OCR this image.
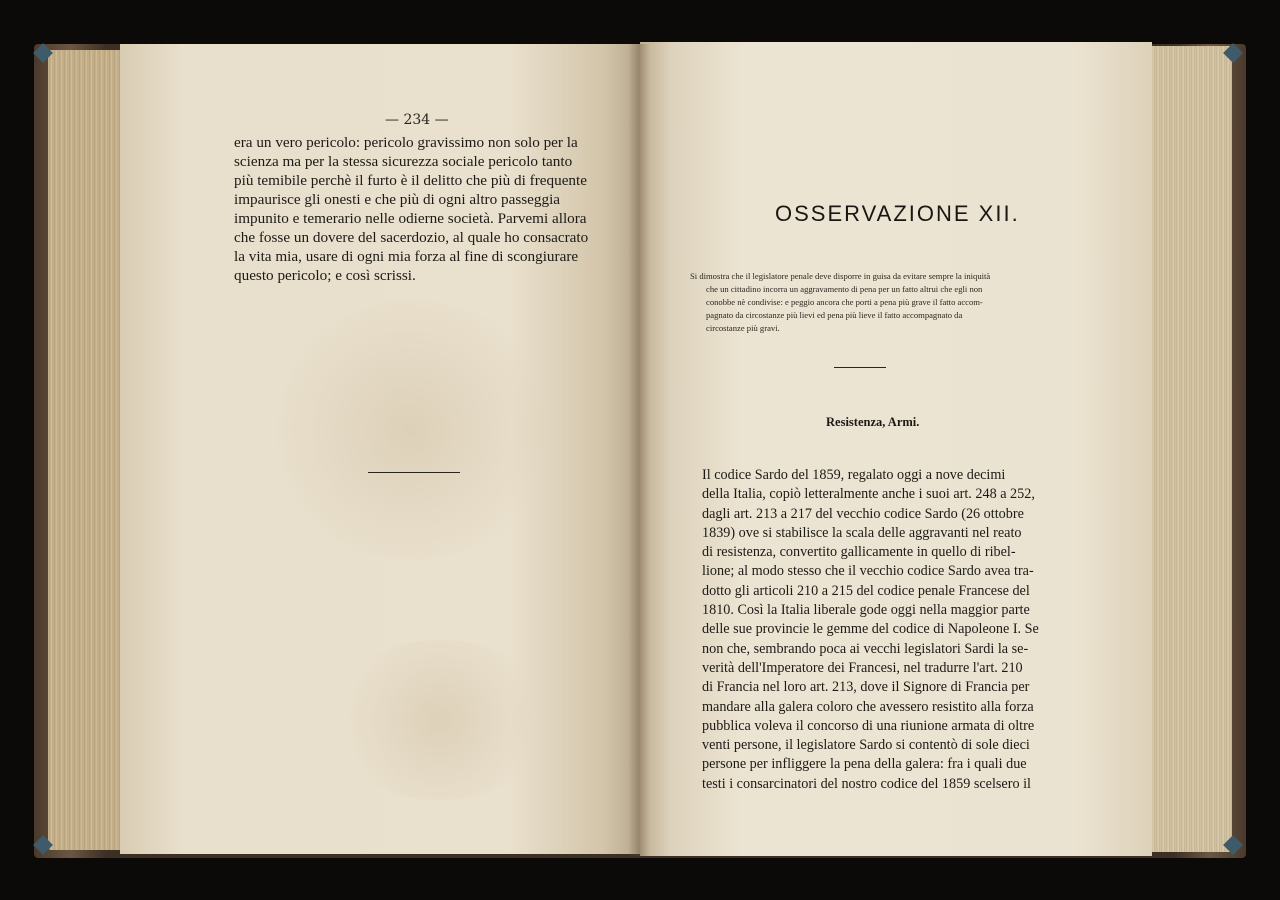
— 234 —
era un vero pericolo: pericolo gravissimo non solo per la
scienza ma per la stessa sicurezza sociale pericolo tanto
più temibile perchè il furto è il delitto che più di frequente
impaurisce gli onesti e che più di ogni altro passeggia
impunito e temerario nelle odierne società. Parvemi allora
che fosse un dovere del sacerdozio, al quale ho consacrato
la vita mia, usare di ogni mia forza al fine di scongiurare
questo pericolo; e così scrissi.
OSSERVAZIONE XII.
Si dimostra che il legislatore penale deve disporre in guisa da evitare sempre la iniquità
che un cittadino incorra un aggravamento di pena per un fatto altrui che egli non
conobbe nè condivise: e peggio ancora che porti a pena più grave il fatto accom-
pagnato da circostanze più lievi ed pena più lieve il fatto accompagnato da
circostanze più gravi.
Resistenza, Armi.
Il codice Sardo del 1859, regalato oggi a nove decimi
della Italia, copiò letteralmente anche i suoi art. 248 a 252,
dagli art. 213 a 217 del vecchio codice Sardo (26 ottobre
1839) ove si stabilisce la scala delle aggravanti nel reato
di resistenza, convertito gallicamente in quello di ribel-
lione; al modo stesso che il vecchio codice Sardo avea tra-
dotto gli articoli 210 a 215 del codice penale Francese del
1810. Così la Italia liberale gode oggi nella maggior parte
delle sue provincie le gemme del codice di Napoleone I. Se
non che, sembrando poca ai vecchi legislatori Sardi la se-
verità dell'Imperatore dei Francesi, nel tradurre l'art. 210
di Francia nel loro art. 213, dove il Signore di Francia per
mandare alla galera coloro che avessero resistito alla forza
pubblica voleva il concorso di una riunione armata di oltre
venti persone, il legislatore Sardo si contentò di sole dieci
persone per infliggere la pena della galera: fra i quali due
testi i consarcinatori del nostro codice del 1859 scelsero il
